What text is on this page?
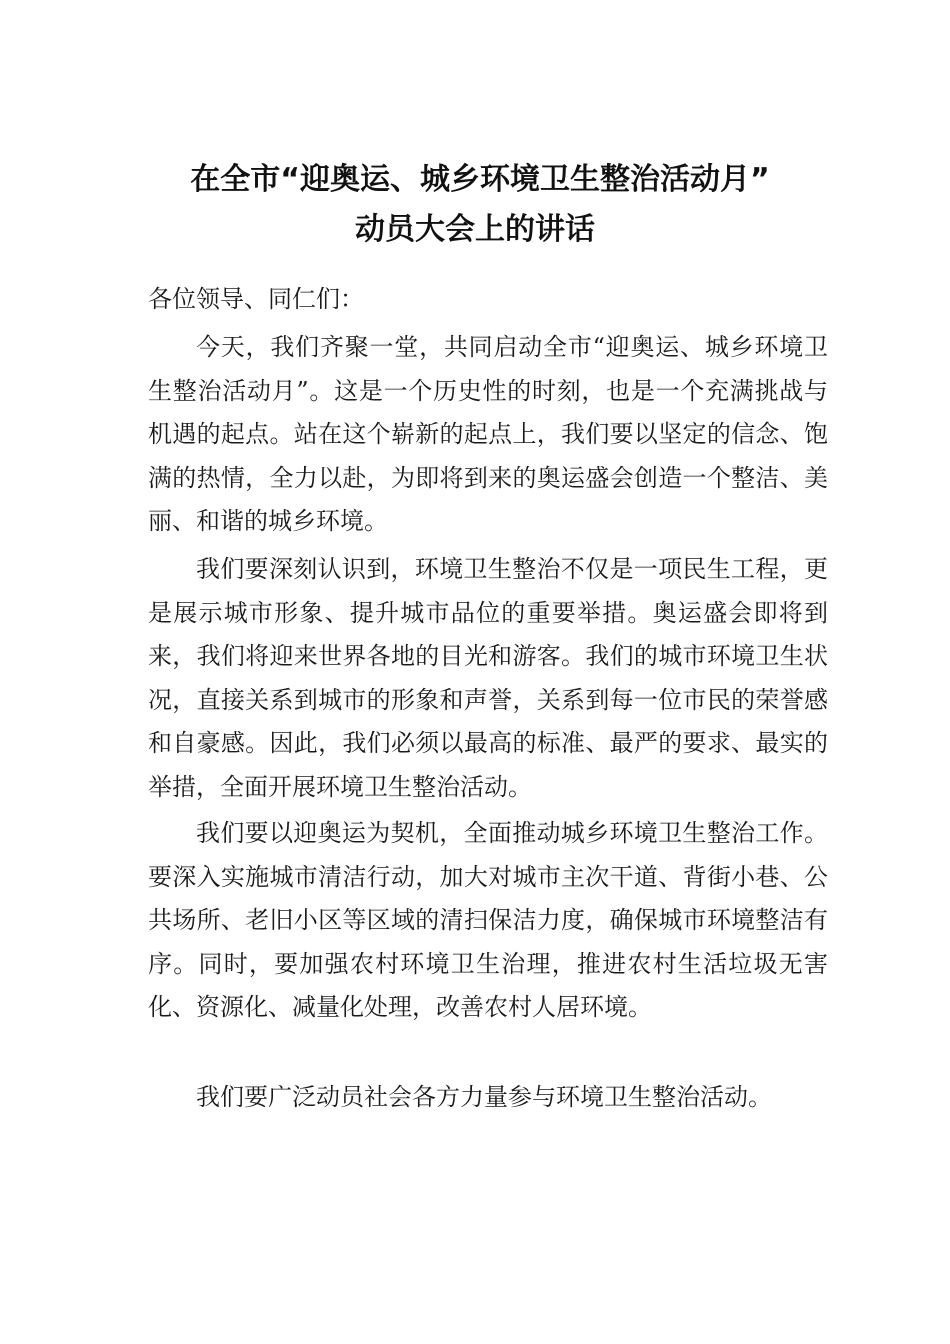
在全市“迎奥运、城乡环境卫生整治活动月”
动员大会上的讲话
各位领导、同仁们：

今天，我们齐聚一堂，共同启动全市“迎奥运、城乡环境卫生整治活动月”。这是一个历史性的时刻，也是一个充满挑战与机遇的起点。站在这个崭新的起点上，我们要以坚定的信念、饱满的热情，全力以赴，为即将到来的奥运盛会创造一个整洁、美丽、和谐的城乡环境。

我们要深刻认识到，环境卫生整治不仅是一项民生工程，更是展示城市形象、提升城市品位的重要举措。奥运盛会即将到来，我们将迎来世界各地的目光和游客。我们的城市环境卫生状况，直接关系到城市的形象和声誉，关系到每一位市民的荣誉感和自豪感。因此，我们必须以最高的标准、最严的要求、最实的举措，全面开展环境卫生整治活动。

我们要以迎奥运为契机，全面推动城乡环境卫生整治工作。要深入实施城市清洁行动，加大对城市主次干道、背街小巷、公共场所、老旧小区等区域的清扫保洁力度，确保城市环境整洁有序。同时，要加强农村环境卫生治理，推进农村生活垃圾无害化、资源化、减量化处理，改善农村人居环境。

我们要广泛动员社会各方力量参与环境卫生整治活动。
